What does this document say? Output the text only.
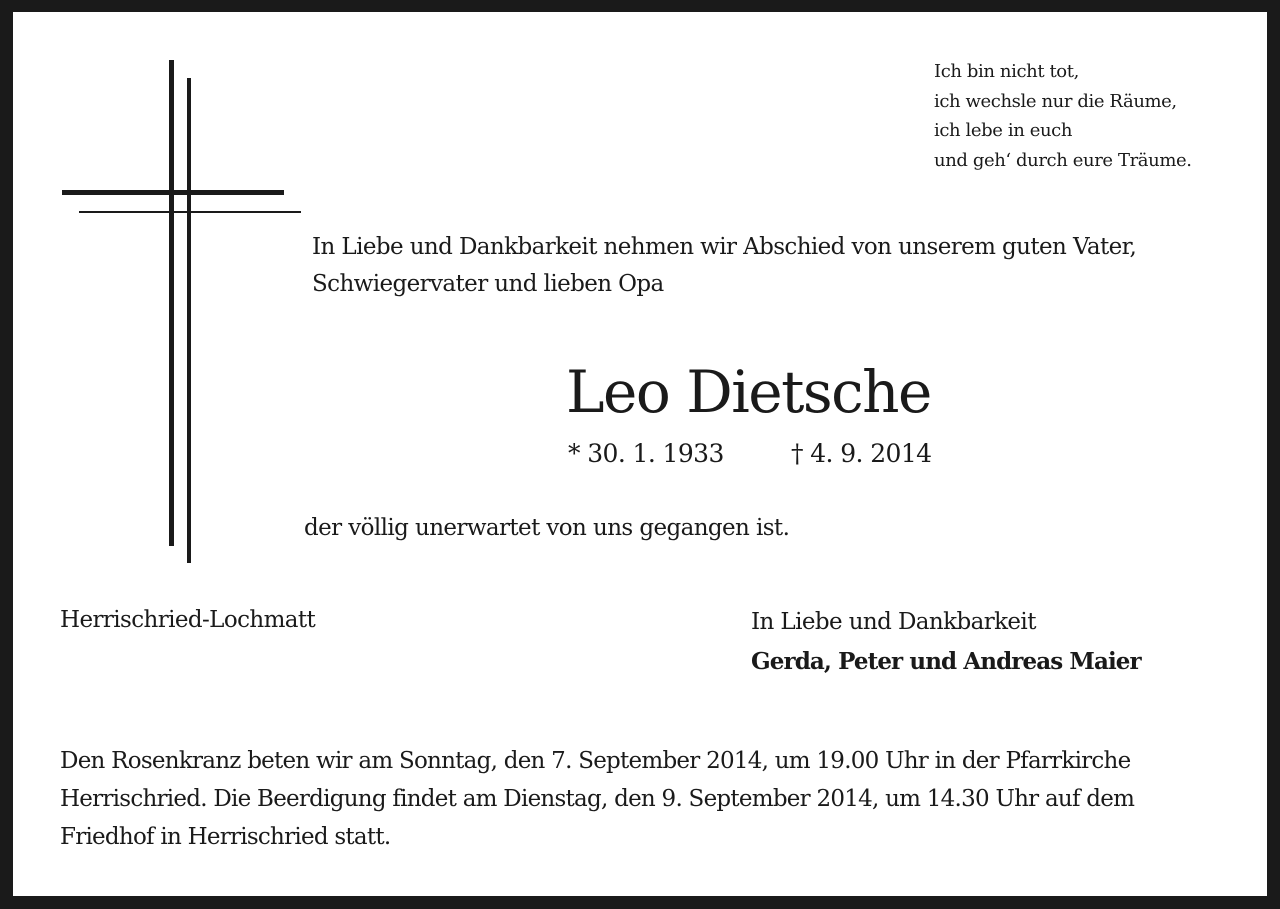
Ich bin nicht tot,
ich wechsle nur die Räume,
ich lebe in euch
und geh‘ durch eure Träume.
In Liebe und Dankbarkeit nehmen wir Abschied von unserem guten Vater,
Schwiegervater und lieben Opa
Leo Dietsche
* 30. 1. 1933	† 4. 9. 2014
der völlig unerwartet von uns gegangen ist.
Herrischried-Lochmatt	In Liebe und Dankbarkeit
Gerda, Peter und Andreas Maier
Den Rosenkranz beten wir am Sonntag, den 7. September 2014, um 19.00 Uhr in der Pfarrkirche
Herrischried. Die Beerdigung findet am Dienstag, den 9. September 2014, um 14.30 Uhr auf dem
Friedhof in Herrischried statt.
